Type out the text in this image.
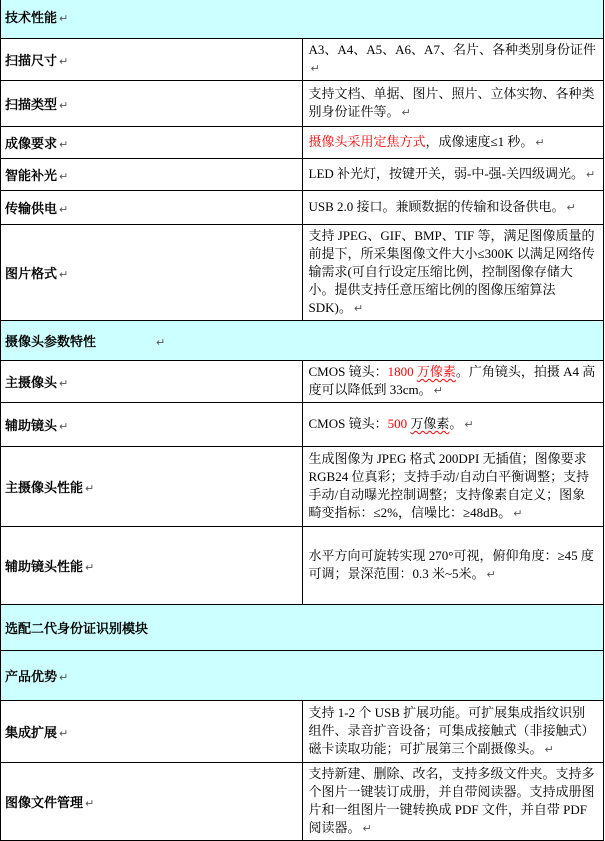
技术性能 ↵	
扫描尺寸 ↵	A3、A4、A5、A6、A7、名片、各种类别身份证件↵
扫描类型 ↵	支持文档、单据、图片、照片、立体实物、各种类别身份证件等。 ↵
成像要求 ↵	摄像头采用定焦方式，成像速度≤1 秒。 ↵
智能补光 ↵	LED 补光灯，按键开关，弱-中-强-关四级调光。 ↵
传输供电 ↵	USB 2.0 接口。兼顾数据的传输和设备供电。 ↵
图片格式 ↵	支持 JPEG、GIF、BMP、TIF 等，满足图像质量的前提下，所采集图像文件大小≤300K 以满足网络传输需求(可自行设定压缩比例，控制图像存储大小。提供支持任意压缩比例的图像压缩算法 SDK)。 ↵
摄像头参数特性 ↵	
主摄像头 ↵	CMOS 镜头：1800 万像素。广角镜头，拍摄 A4 高度可以降低到 33cm。 ↵
辅助镜头 ↵	CMOS 镜头：500 万像素。 ↵
主摄像头性能 ↵	生成图像为 JPEG 格式 200DPI 无插值；图像要求 RGB24 位真彩；支持手动/自动白平衡调整；支持手动/自动曝光控制调整；支持像素自定义；图象畸变指标：≤2%，信噪比：≥48dB。 ↵
辅助镜头性能 ↵	水平方向可旋转实现 270°可视，俯仰角度：≥45 度可调；景深范围：0.3 米~5米。 ↵
选配二代身份证识别模块	
产品优势 ↵	
集成扩展 ↵	支持 1-2 个 USB 扩展功能。可扩展集成指纹识别组件、录音扩音设备；可集成接触式（非接触式）磁卡读取功能；可扩展第三个副摄像头。 ↵
图像文件管理 ↵	支持新建、删除、改名，支持多级文件夹。支持多个图片一键装订成册，并自带阅读器。支持成册图片和一组图片一键转换成 PDF 文件，并自带 PDF 阅读器。 ↵
